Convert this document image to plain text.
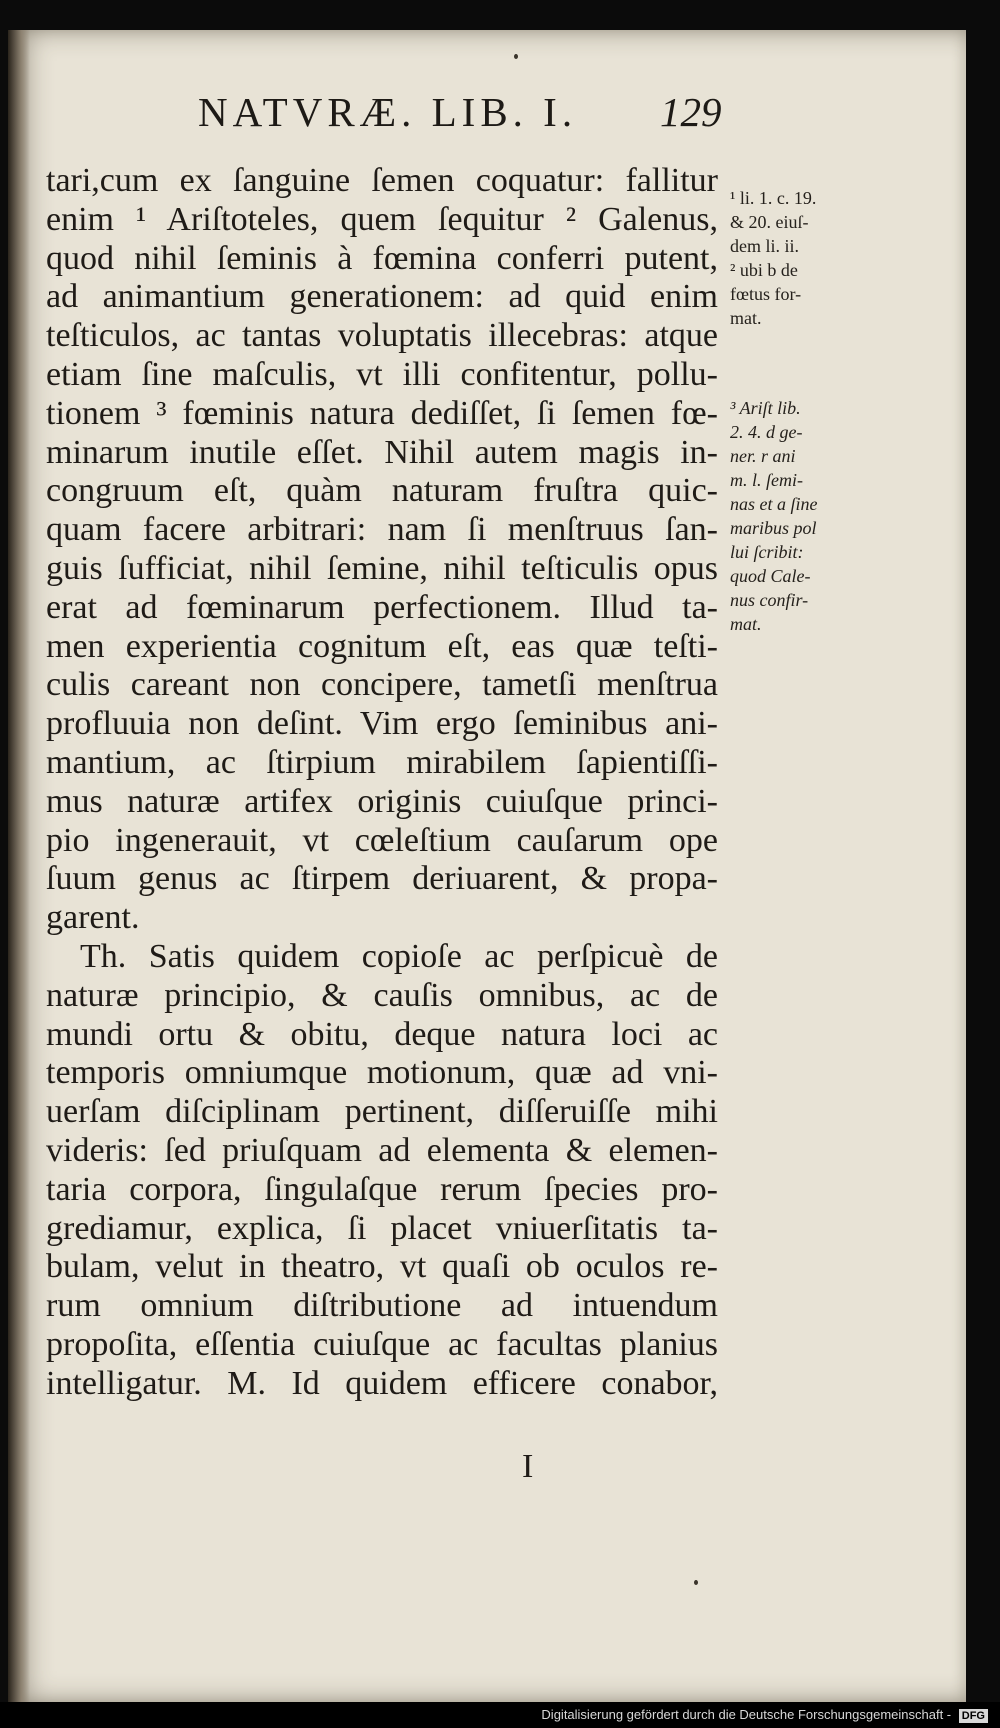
NATVRÆ. LIB. I. 129
tari,cum ex ſanguine ſemen coquatur: fallitur
enim ¹ Ariſtoteles, quem ſequitur ² Galenus,
quod nihil ſeminis à fœmina conferri putent,
ad animantium generationem: ad quid enim
teſticulos, ac tantas voluptatis illecebras: atque
etiam ſine maſculis, vt illi confitentur, pollu-
tionem ³ fœminis natura dediſſet, ſi ſemen fœ-
minarum inutile eſſet. Nihil autem magis in-
congruum eſt, quàm naturam fruſtra quic-
quam facere arbitrari: nam ſi menſtruus ſan-
guis ſufficiat, nihil ſemine, nihil teſticulis opus
erat ad fœminarum perfectionem. Illud ta-
men experientia cognitum eſt, eas quæ teſti-
culis careant non concipere, tametſi menſtrua
profluuia non deſint. Vim ergo ſeminibus ani-
mantium, ac ſtirpium mirabilem ſapientiſſi-
mus naturæ artifex originis cuiuſque princi-
pio ingenerauit, vt cœleſtium cauſarum ope
ſuum genus ac ſtirpem deriuarent, & propa-
garent.
Th. Satis quidem copioſe ac perſpicuè de
naturæ principio, & cauſis omnibus, ac de
mundi ortu & obitu, deque natura loci ac
temporis omniumque motionum, quæ ad vni-
uerſam diſciplinam pertinent, diſſeruiſſe mihi
videris: ſed priuſquam ad elementa & elemen-
taria corpora, ſingulaſque rerum ſpecies pro-
grediamur, explica, ſi placet vniuerſitatis ta-
bulam, velut in theatro, vt quaſi ob oculos re-
rum omnium diſtributione ad intuendum
propoſita, eſſentia cuiuſque ac facultas planius
intelligatur. M. Id quidem efficere conabor,
¹ li. 1. c. 19.
& 20. eiuſ-
dem li. ii.
² ubi b de
fœtus for-
mat.
³ Ariſt lib.
2. 4. d ge-
ner. r ani
m. l. ſemi-
nas et a ſine
maribus pol
lui ſcribit:
quod Cale-
nus confir-
mat.
I
Digitalisierung gefördert durch die Deutsche Forschungsgemeinschaft - DFG
